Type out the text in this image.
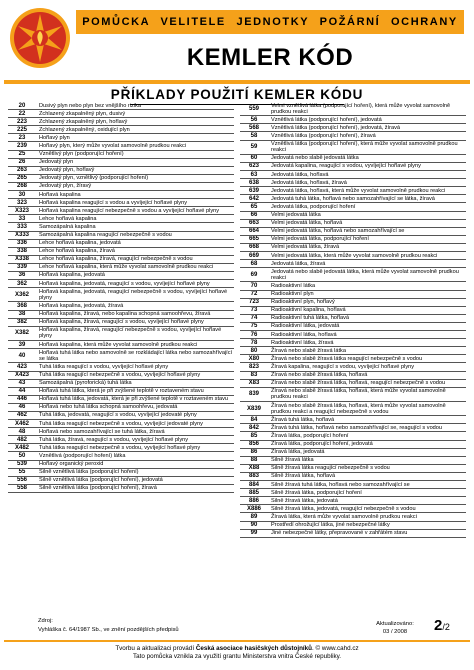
POMŮCKA VELITELE JEDNOTKY POŽÁRNÍ OCHRANY
KEMLER KÓD
PŘÍKLADY POUŽITÍ KEMLER KÓDU
20	Dusivý plyn nebo plyn bez vnějšího rizika
22	Zchlazený zkapalněný plyn, dusivý
223	Zchlazený zkapalněný plyn, hořlavý
225	Zchlazený zkapalněný, oxidující plyn
23	Hořlavý plyn
239	Hořlavý plyn, který může vyvolat samovolně prudkou reakci
25	Vznětlivý plyn (podporující hoření)
26	Jedovatý plyn
263	Jedovatý plyn, hořlavý
265	Jedovatý plyn, vznětlivý (podporující hoření)
268	Jedovatý plyn, žíravý
30	Hořlavá kapalina
323	Hořlavá kapalina reagující s vodou a vyvíjející hořlavé plyny
X323	Hořlavá kapalina reagující nebezpečně s vodou a vyvíjející hořlavé plyny
33	Lehce hořlavá kapalina
333	Samozápalná kapalina
X333	Samozápalná kapalina reagující nebezpečně s vodou
336	Lehce hořlavá kapalina, jedovatá
338	Lehce hořlavá kapalina, žíravá
X338	Lehce hořlavá kapalina, žíravá, reagující nebezpečně s vodou
339	Lehce hořlavá kapalina, která může vyvolat samovolně prudkou reakci
36	Hořlavá kapalina, jedovatá
362	Hořlavá kapalina, jedovatá, reagující s vodou, vyvíjející hořlavé plyny
X362	Hořlavá kapalina, jedovatá, reagující nebezpečně s vodou, vyvíjející hořlavé plyny
368	Hořlavá kapalina, jedovatá, žíravá
38	Hořlavá kapalina, žíravá, nebo kapalina schopná samoohřevu, žíravá
382	Hořlavá kapalina, žíravá, reagující s vodou, vyvíjející hořlavé plyny
X382	Hořlavá kapalina, žíravá, reagující nebezpečně s vodou, vyvíjející hořlavé plyny
39	Hořlavá kapalina, která může vyvolat samovolně prudkou reakci
40	Hořlavá tuhá látka nebo samovolně se rozkládající látka nebo samozahřívající se látka
423	Tuhá látka reagující s vodou, vyvíjející hořlavé plyny
X423	Tuhá látka reagující nebezpečně s vodou, vyvíjející hořlavé plyny
43	Samozápalná (pyroforická) tuhá látka
44	Hořlavá tuhá látka, která je při zvýšené teplotě v roztaveném stavu
446	Hořlavá tuhá látka, jedovatá, která je při zvýšené teplotě v roztaveném stavu
46	Hořlavá nebo tuhá látka schopná samoohřevu, jedovatá
462	Tuhá látka, jedovatá, reagující s vodou, vyvíjející jedovaté plyny
X462	Tuhá látka reagující nebezpečně s vodou, vyvíjející jedovaté plyny
48	Hořlavá nebo samozahřívající se tuhá látka, žíravá
482	Tuhá látka, žíravá, reagující s vodou, vyvíjející hořlavé plyny
X482	Tuhá látka reagující nebezpečně s vodou, vyvíjející hořlavé plyny
50	Vznětlivá (podporující hoření) látka
539	Hořlavý organický peroxid
55	Silně vznětlivá látka (podporující hoření)
556	Silně vznětlivá látka (podporující hoření), jedovatá
558	Silně vznětlivá látka (podporující hoření), žíravá
559	Velmi vznětlivá látka (podporující hoření), která může vyvolat samovolně prudkou reakci
56	Vznětlivá látka (podporující hoření), jedovatá
568	Vznětlivá látka (podporující hoření), jedovatá, žíravá
58	Vznětlivá látka (podporující hoření), žíravá
59	Vznětlivá látka (podporující hoření), která může vyvolat samovolně prudkou reakci
60	Jedovatá nebo slabě jedovatá látka
623	Jedovatá kapalina, reagující s vodou, vyvíjející hořlavé plyny
63	Jedovatá látka, hořlavá
638	Jedovatá látka, hořlavá, žíravá
639	Jedovatá látka, hořlavá, která může vyvolat samovolně prudkou reakci
642	Jedovatá tuhá látka, hořlavá nebo samozahřívající se látka, žíravá
65	Jedovatá látka, podporující hoření
66	Velmi jedovatá látka
663	Velmi jedovatá látka, hořlavá
664	Velmi jedovatá látka, hořlavá nebo samozahřívající se
665	Velmi jedovatá látka, podporující hoření
668	Velmi jedovatá látka, žíravá
669	Velmi jedovatá látka, která může vyvolat samovolně prudkou reakci
68	Jedovatá látka, žíravá
69	Jedovatá nebo slabě jedovatá látka, která může vyvolat samovolně prudkou reakci
70	Radioaktivní látka
72	Radioaktivní plyn
723	Radioaktivní plyn, hořlavý
73	Radioaktivní kapalina, hořlavá
74	Radioaktivní tuhá látka, hořlavá
75	Radioaktivní látka, jedovatá
76	Radioaktivní látka, hořlavá
78	Radioaktivní látka, žíravá
80	Žíravá nebo slabě žíravá látka
X80	Žíravá nebo slabě žíravá látka reagující nebezpečně s vodou
823	Žíravá kapalina, reagující s vodou, vyvíjející hořlavé plyny
83	Žíravá nebo slabě žíravá látka, hořlavá
X83	Žíravá nebo slabě žíravá látka, hořlavá, reagující nebezpečně s vodou
839	Žíravá nebo slabě žíravá látka, hořlavá, která může vyvolat samovolně prudkou reakci
X839	Žíravá nebo slabě žíravá látka, hořlavá, která může vyvolat samovolně prudkou reakci a reagující nebezpečně s vodou
84	Žíravá tuhá látka, hořlavá
842	Žíravá tuhá látka, hořlavá nebo samozahřívající se, reagující s vodou
85	Žíravá látka, podporující hoření
856	Žíravá látka, podporující hoření, jedovatá
86	Žíravá látka, jedovatá
88	Silně žíravá látka
X88	Silně žíravá látka reagující nebezpečně s vodou
883	Silně žíravá látka, hořlavá
884	Silně žíravá tuhá látka, hořlavá nebo samozahřívající se
885	Silně žíravá látka, podporující hoření
886	Silně žíravá látka, jedovatá
X886	Silně žíravá látka, jedovatá, reagující nebezpečně s vodou
89	Žíravá látka, která může vyvolat samovolně prudkou reakci
90	Prostředí ohrožující látka, jiné nebezpečné látky
99	Jiné nebezpečné látky, přepravované v zahřátém stavu
Zdroj:
Vyhláška č. 64/1987 Sb., ve znění pozdějších předpisů
Aktualizováno:
03 / 2008	2/2
Tvorbu a aktualizaci provádí Česká asociace hasičských důstojníků. © www.cahd.cz
Tato pomůcka vznikla za využití grantu Ministerstva vnitra České republiky.
